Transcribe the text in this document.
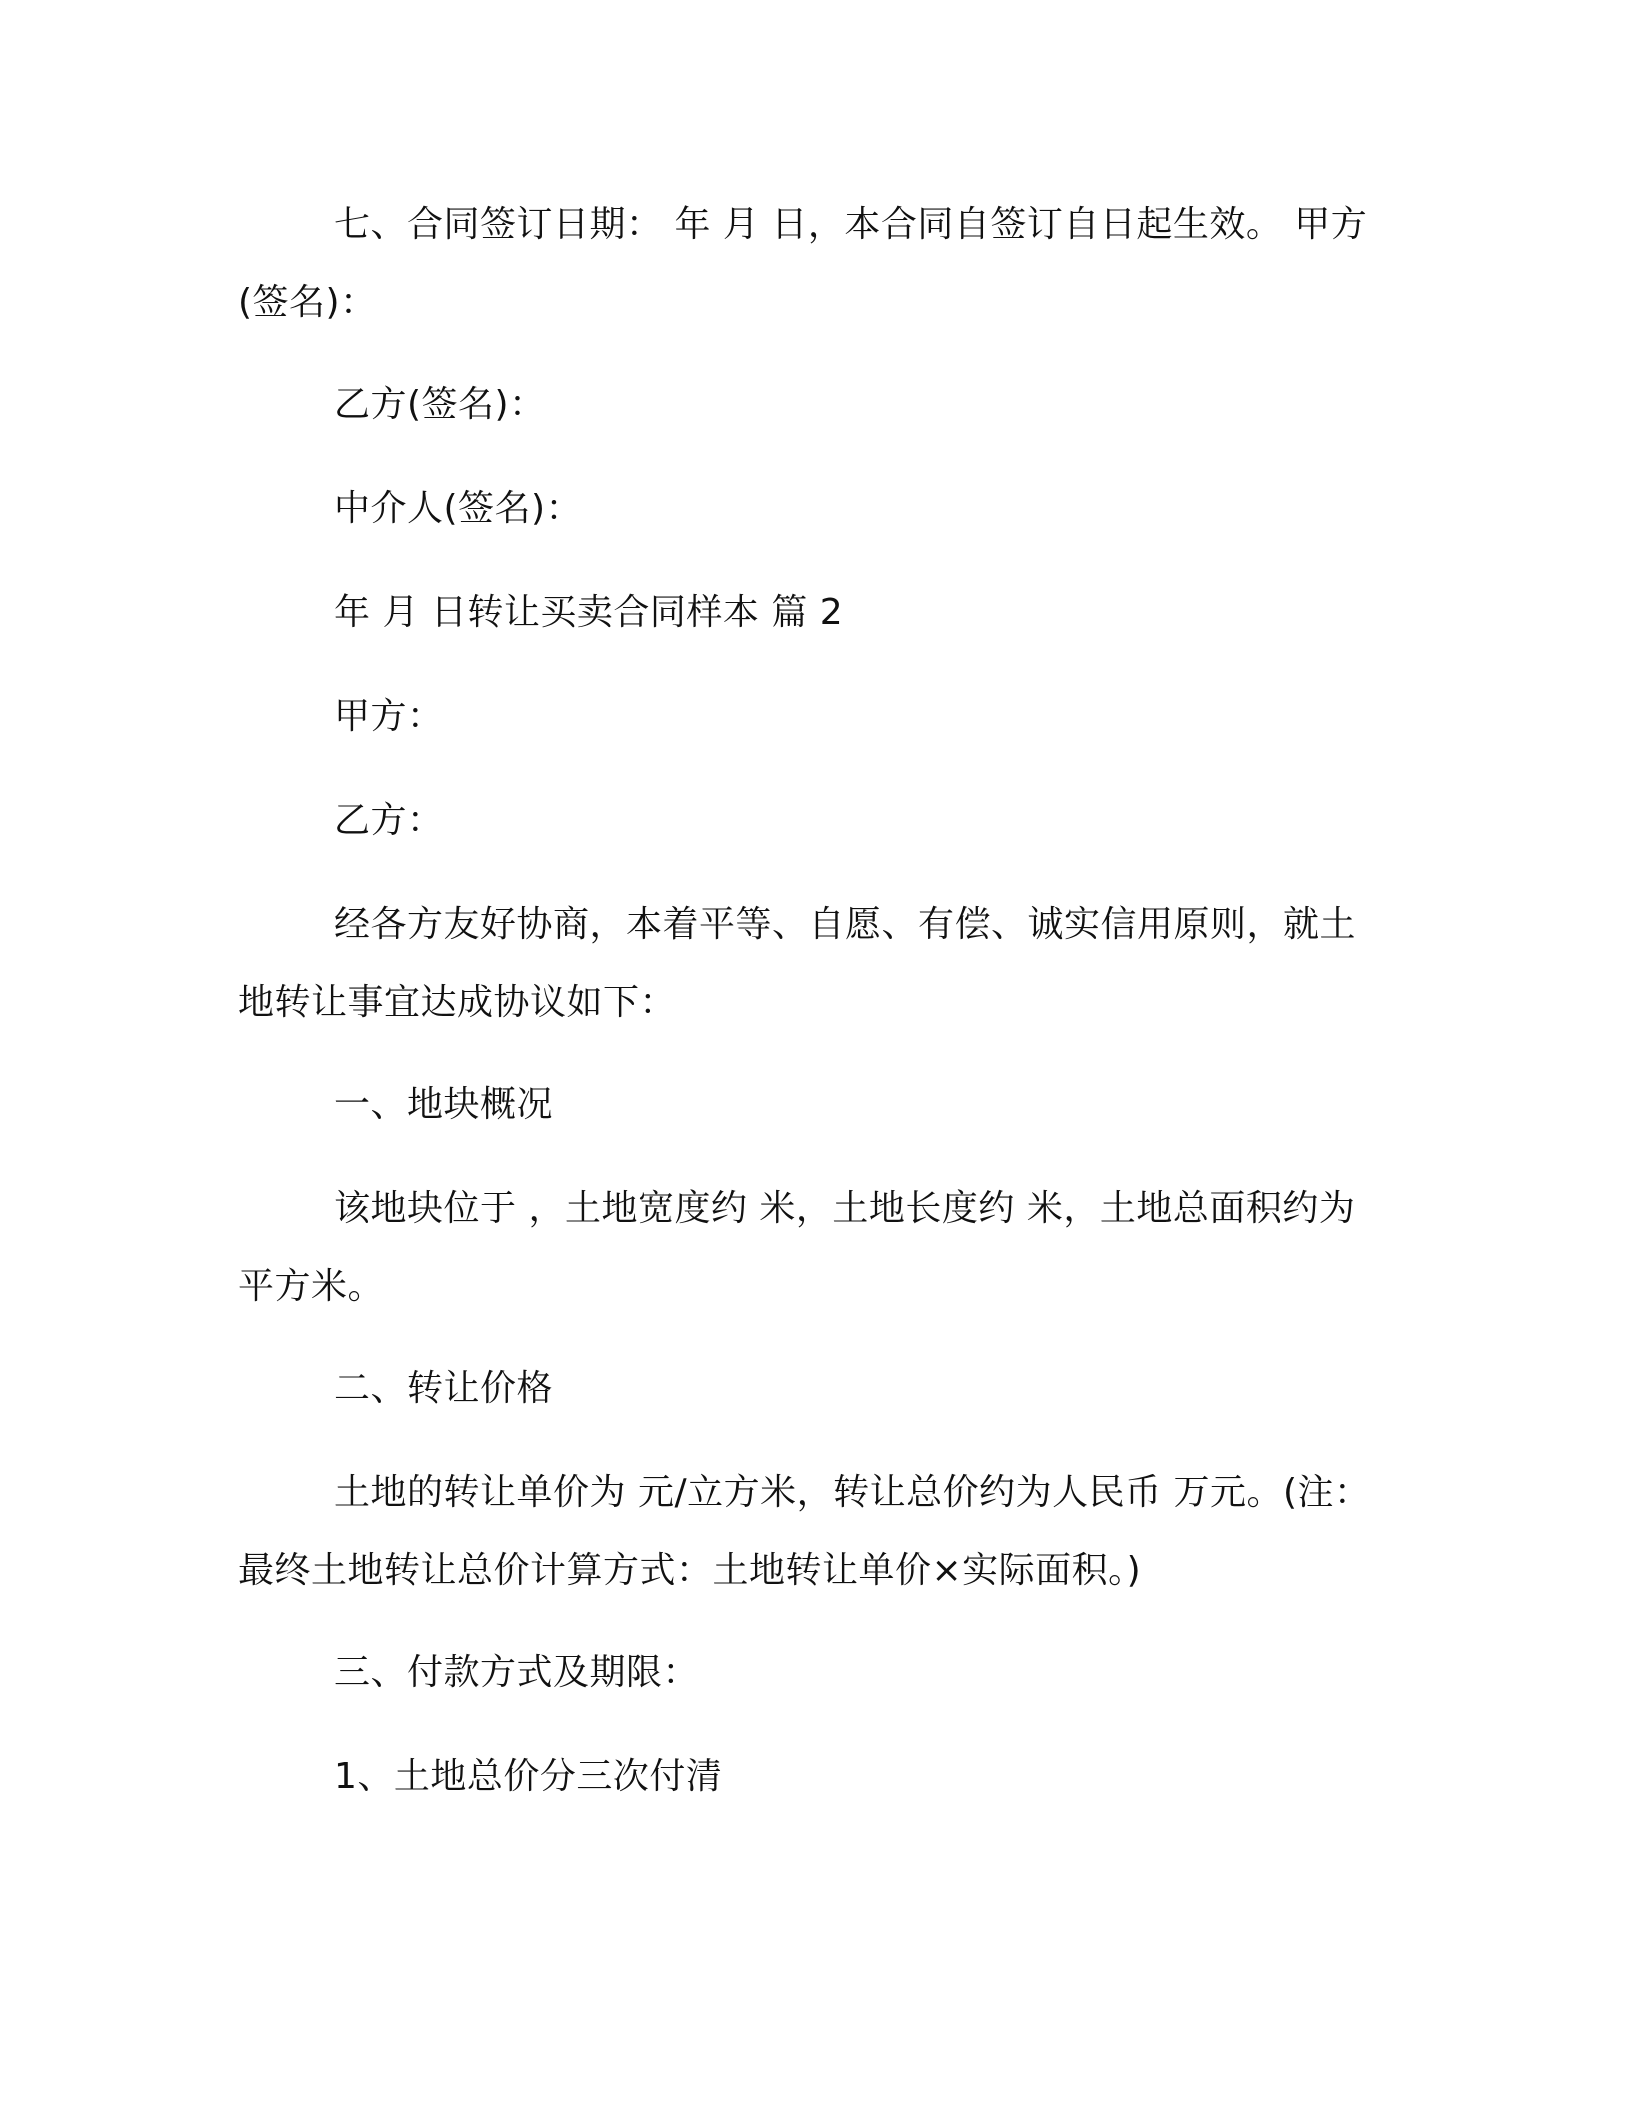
七、合同签订日期： 年 月 日，本合同自签订自日起生效。 甲方(签名)：

乙方(签名)：

中介人(签名)：

年 月 日转让买卖合同样本 篇 2

甲方：

乙方：

经各方友好协商，本着平等、自愿、有偿、诚实信用原则，就土地转让事宜达成协议如下：

一、地块概况

该地块位于 ，土地宽度约 米，土地长度约 米，土地总面积约为平方米。

二、转让价格

土地的转让单价为 元/立方米，转让总价约为人民币 万元。(注：最终土地转让总价计算方式：土地转让单价×实际面积。)

三、付款方式及期限：

1、土地总价分三次付清
